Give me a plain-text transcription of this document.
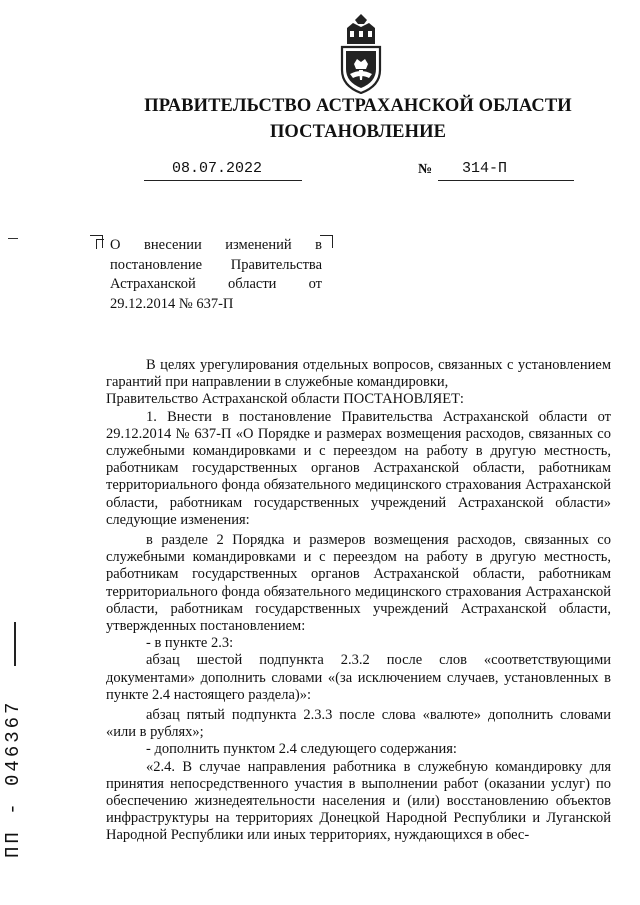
ПРАВИТЕЛЬСТВО АСТРАХАНСКОЙ ОБЛАСТИ
ПОСТАНОВЛЕНИЕ
08.07.2022	№ 314-П
О внесении изменений в постановление Правительства Астраханской области от 29.12.2014 № 637-П

В целях урегулирования отдельных вопросов, связанных с установлением гарантий при направлении в служебные командировки,

Правительство Астраханской области ПОСТАНОВЛЯЕТ:

1. Внести в постановление Правительства Астраханской области от 29.12.2014 № 637-П «О Порядке и размерах возмещения расходов, связанных со служебными командировками и с переездом на работу в другую местность, работникам государственных органов Астраханской области, работникам территориального фонда обязательного медицинского страхования Астраханской области, работникам государственных учреждений Астраханской области» следующие изменения:

в разделе 2 Порядка и размеров возмещения расходов, связанных со служебными командировками и с переездом на работу в другую местность, работникам государственных органов Астраханской области, работникам территориального фонда обязательного медицинского страхования Астраханской области, работникам государственных учреждений Астраханской области, утвержденных постановлением:

- в пункте 2.3:

абзац шестой подпункта 2.3.2 после слов «соответствующими документами» дополнить словами «(за исключением случаев, установленных в пункте 2.4 настоящего раздела)»:

абзац пятый подпункта 2.3.3 после слова «валюте» дополнить словами «или в рублях»;

- дополнить пунктом 2.4 следующего содержания:

«2.4. В случае направления работника в служебную командировку для принятия непосредственного участия в выполнении работ (оказании услуг) по обеспечению жизнедеятельности населения и (или) восстановлению объектов инфраструктуры на территориях Донецкой Народной Республики и Луганской Народной Республики или иных территориях, нуждающихся в обес-

ПП - 046367
